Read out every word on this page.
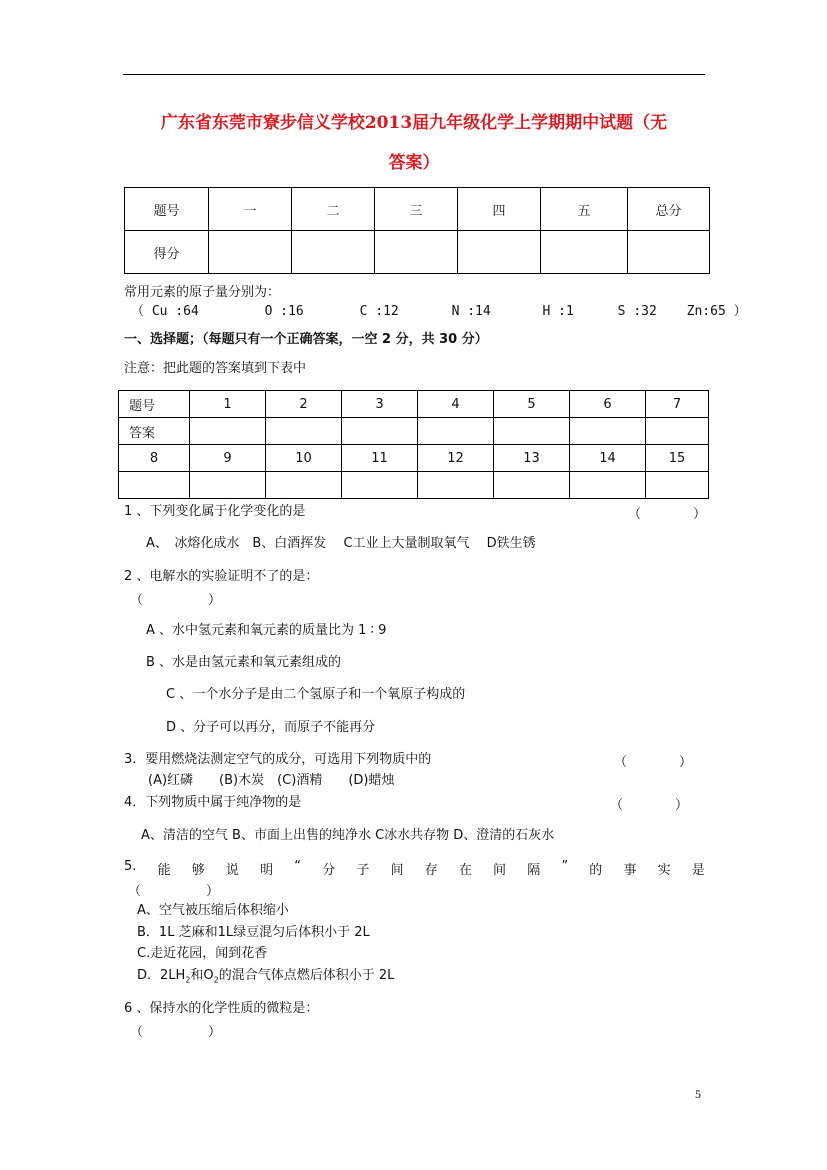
广东省东莞市寮步信义学校2013届九年级化学上学期期中试题（无
答案）
题号	一	二	三	四	五	总分
得分						
常用元素的原子量分别为：
（ Cu :64	O :16	C :12	N :14	H :1	S :32 Zn:65 ）
一、选择题；（每题只有一个正确答案，一空 2 分，共 30 分）
注意：把此题的答案填到下表中
题号	1	2	3	4	5	6	7
答案							
8	9	10	11	12	13	14	15

1 、下列变化属于化学变化的是	（　　　　）
A、　冰熔化成水　B、白酒挥发　 C工业上大量制取氧气　 D铁生锈
2 、电解水的实验证明不了的是：
（　　　　　）
A 、水中氢元素和氧元素的质量比为 1 ∶ 9
B 、水是由氢元素和氧元素组成的
C 、一个水分子是由二个氢原子和一个氧原子构成的
D 、分子可以再分，而原子不能再分
3．要用燃烧法测定空气的成分，可选用下列物质中的	（　　　　）
(A)红磷　　(B)木炭　(C)酒精　　(D)蜡烛
4．下列物质中属于纯净物的是	（　　　　）
A、清洁的空气 B、市面上出售的纯净水 C冰水共存物 D、澄清的石灰水
5. 能 够 说 明 “ 分 子 间 存 在 间 隔 ” 的 事 实 是
（　　　　　）
A、空气被压缩后体积缩小
B．1L 芝麻和1L绿豆混匀后体积小于 2L
C.走近花园，闻到花香
D．$2LH_2$和$O_2$的混合气体点燃后体积小于 2L
6 、保持水的化学性质的微粒是：
（　　　　　）
5
